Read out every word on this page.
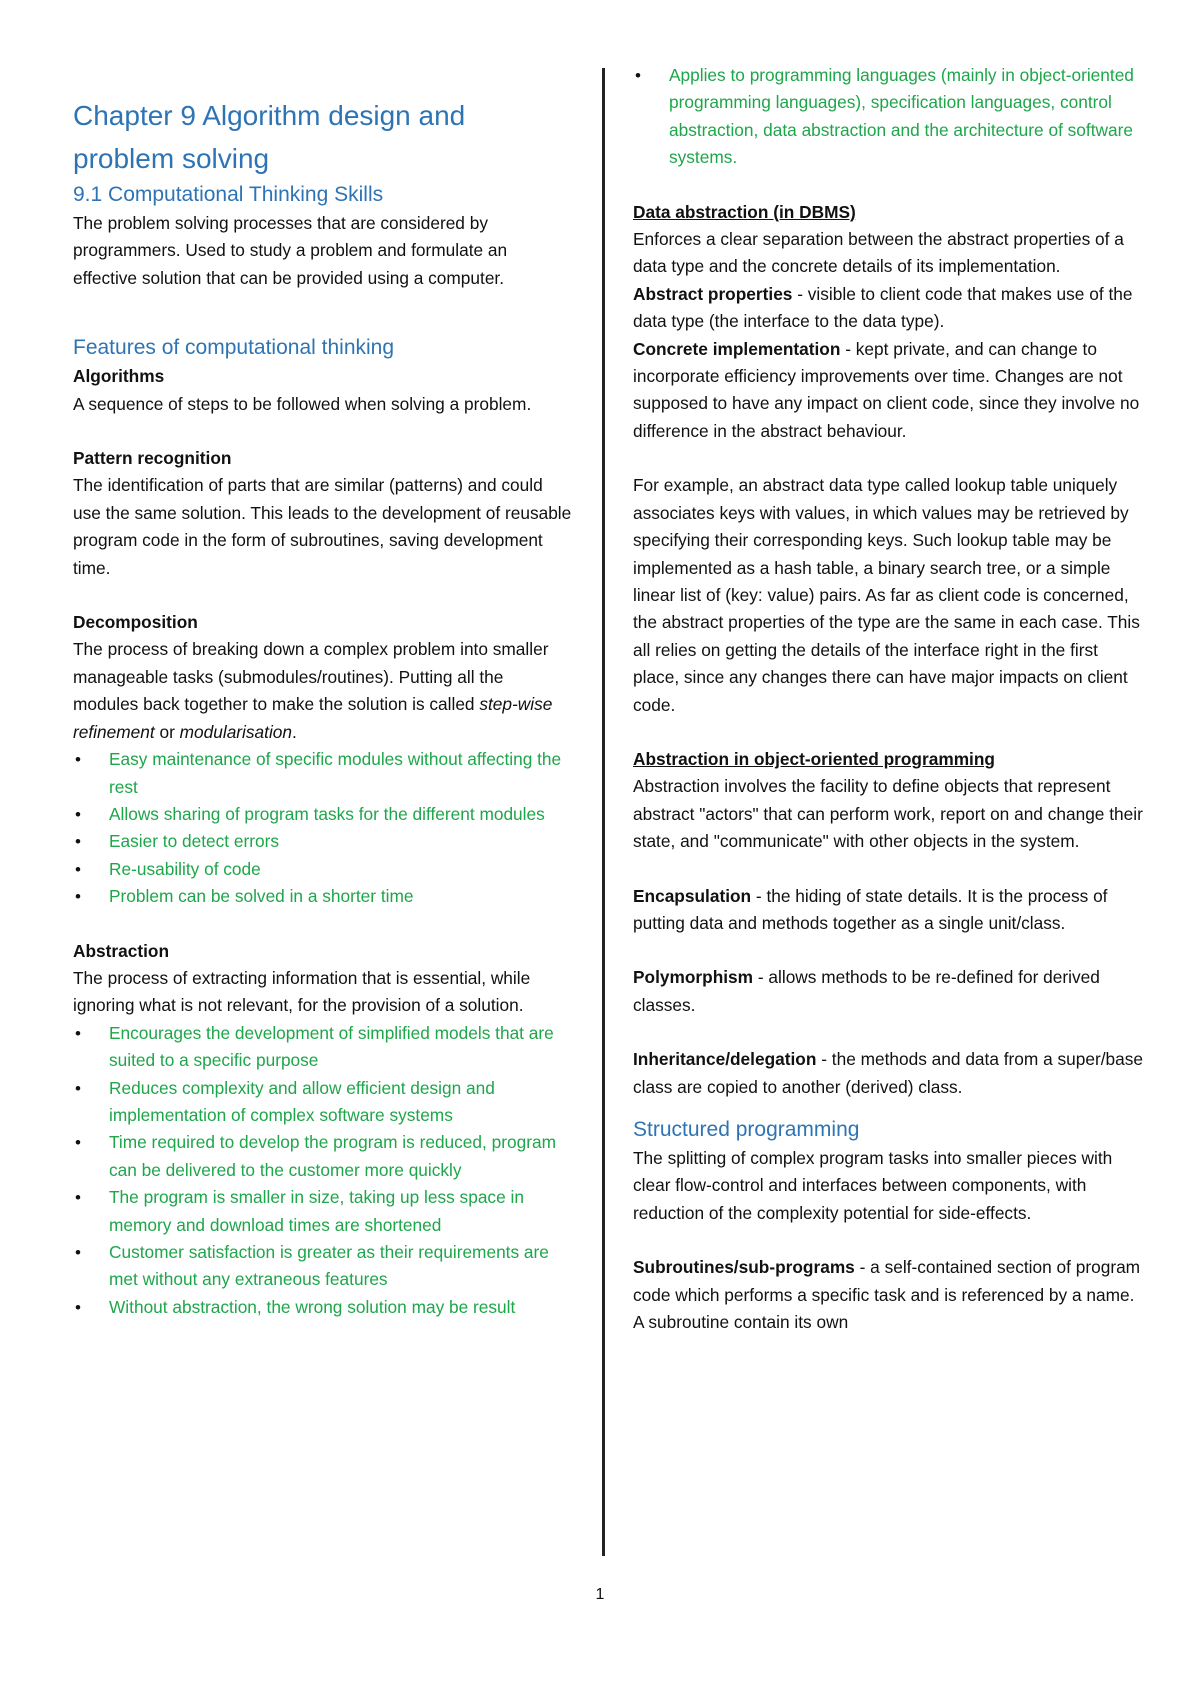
Chapter 9 Algorithm design and problem solving
9.1 Computational Thinking Skills

The problem solving processes that are considered by programmers. Used to study a problem and formulate an effective solution that can be provided using a computer.

Features of computational thinking

Algorithms

A sequence of steps to be followed when solving a problem.

Pattern recognition

The identification of parts that are similar (patterns) and could use the same solution. This leads to the development of reusable program code in the form of subroutines, saving development time.

Decomposition

The process of breaking down a complex problem into smaller manageable tasks (submodules/routines). Putting all the modules back together to make the solution is called step-wise refinement or modularisation.

• Easy maintenance of specific modules without affecting the rest
• Allows sharing of program tasks for the different modules
• Easier to detect errors
• Re-usability of code
• Problem can be solved in a shorter time

Abstraction

The process of extracting information that is essential, while ignoring what is not relevant, for the provision of a solution.

• Encourages the development of simplified models that are suited to a specific purpose
• Reduces complexity and allow efficient design and implementation of complex software systems
• Time required to develop the program is reduced, program can be delivered to the customer more quickly
• The program is smaller in size, taking up less space in memory and download times are shortened
• Customer satisfaction is greater as their requirements are met without any extraneous features
• Without abstraction, the wrong solution may be result
• Applies to programming languages (mainly in object-oriented programming languages), specification languages, control abstraction, data abstraction and the architecture of software systems.

Data abstraction (in DBMS)

Enforces a clear separation between the abstract properties of a data type and the concrete details of its implementation.

Abstract properties - visible to client code that makes use of the data type (the interface to the data type).

Concrete implementation - kept private, and can change to incorporate efficiency improvements over time. Changes are not supposed to have any impact on client code, since they involve no difference in the abstract behaviour.

For example, an abstract data type called lookup table uniquely associates keys with values, in which values may be retrieved by specifying their corresponding keys. Such lookup table may be implemented as a hash table, a binary search tree, or a simple linear list of (key: value) pairs. As far as client code is concerned, the abstract properties of the type are the same in each case. This all relies on getting the details of the interface right in the first place, since any changes there can have major impacts on client code.

Abstraction in object-oriented programming

Abstraction involves the facility to define objects that represent abstract "actors" that can perform work, report on and change their state, and "communicate" with other objects in the system.

Encapsulation - the hiding of state details. It is the process of putting data and methods together as a single unit/class.

Polymorphism - allows methods to be re-defined for derived classes.

Inheritance/delegation - the methods and data from a super/base class are copied to another (derived) class.

Structured programming

The splitting of complex program tasks into smaller pieces with clear flow-control and interfaces between components, with reduction of the complexity potential for side-effects.

Subroutines/sub-programs - a self-contained section of program code which performs a specific task and is referenced by a name. A subroutine contain its own

1
